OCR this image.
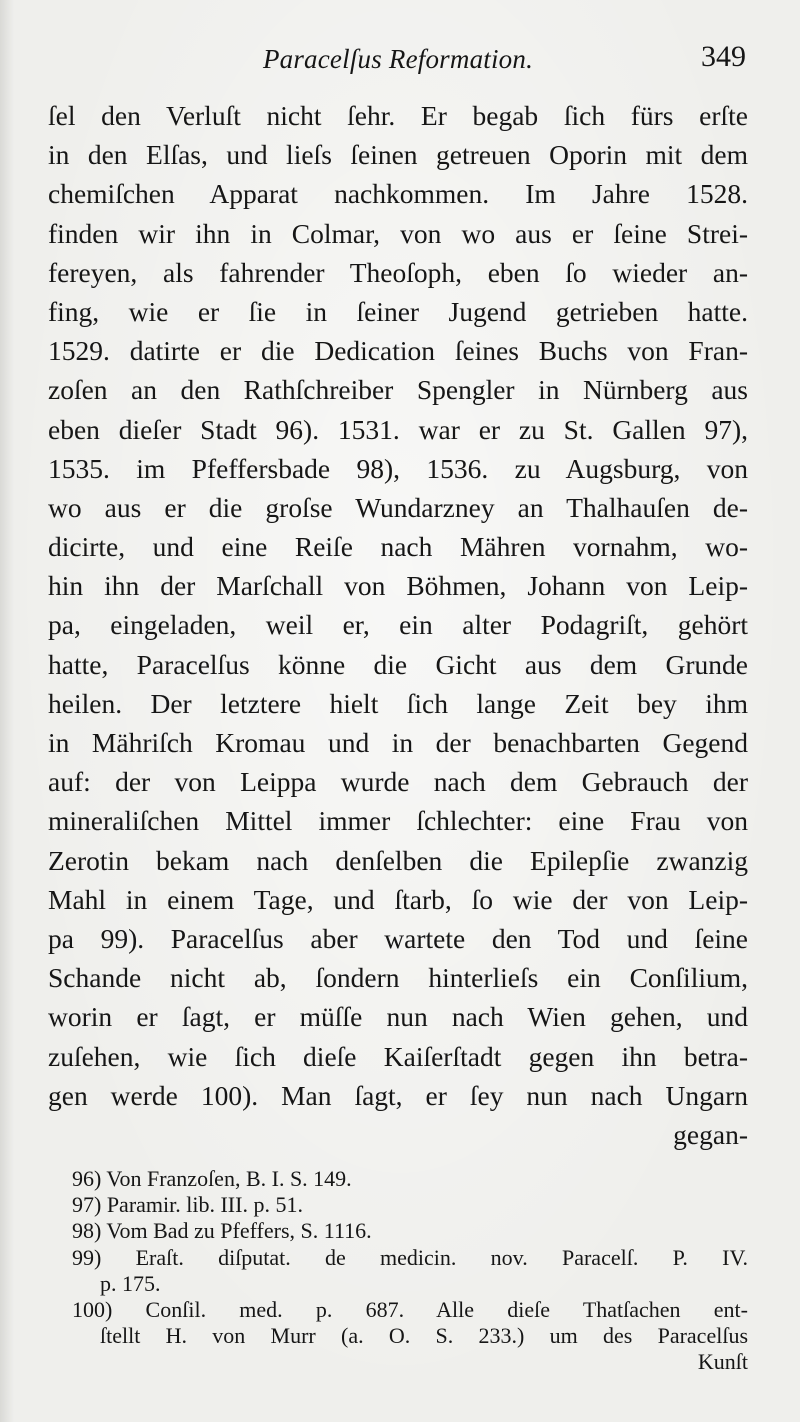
Paracelſus Reformation.	349
ſel den Verluſt nicht ſehr. Er begab ſich fürs erſte
in den Elſas, und lieſs ſeinen getreuen Oporin mit dem
chemiſchen Apparat nachkommen. Im Jahre 1528.
finden wir ihn in Colmar, von wo aus er ſeine Strei-
fereyen, als fahrender Theoſoph, eben ſo wieder an-
fing, wie er ſie in ſeiner Jugend getrieben hatte.
1529. datirte er die Dedication ſeines Buchs von Fran-
zoſen an den Rathſchreiber Spengler in Nürnberg aus
eben dieſer Stadt 96). 1531. war er zu St. Gallen 97),
1535. im Pfeffersbade 98), 1536. zu Augsburg, von
wo aus er die groſse Wundarzney an Thalhauſen de-
dicirte, und eine Reiſe nach Mähren vornahm, wo-
hin ihn der Marſchall von Böhmen, Johann von Leip-
pa, eingeladen, weil er, ein alter Podagriſt, gehört
hatte, Paracelſus könne die Gicht aus dem Grunde
heilen. Der letztere hielt ſich lange Zeit bey ihm
in Mähriſch Kromau und in der benachbarten Gegend
auf: der von Leippa wurde nach dem Gebrauch der
mineraliſchen Mittel immer ſchlechter: eine Frau von
Zerotin bekam nach denſelben die Epilepſie zwanzig
Mahl in einem Tage, und ſtarb, ſo wie der von Leip-
pa 99). Paracelſus aber wartete den Tod und ſeine
Schande nicht ab, ſondern hinterlieſs ein Conſilium,
worin er ſagt, er müſſe nun nach Wien gehen, und
zuſehen, wie ſich dieſe Kaiſerſtadt gegen ihn betra-
gen werde 100). Man ſagt, er ſey nun nach Ungarn
gegan-
96) Von Franzoſen, B. I. S. 149.
97) Paramir. lib. III. p. 51.
98) Vom Bad zu Pfeffers, S. 1116.
99) Eraſt. diſputat. de medicin. nov. Paracelſ. P. IV.
p. 175.
100) Conſil. med. p. 687. Alle dieſe Thatſachen ent-
ſtellt H. von Murr (a. O. S. 233.) um des Paracelſus
Kunſt
